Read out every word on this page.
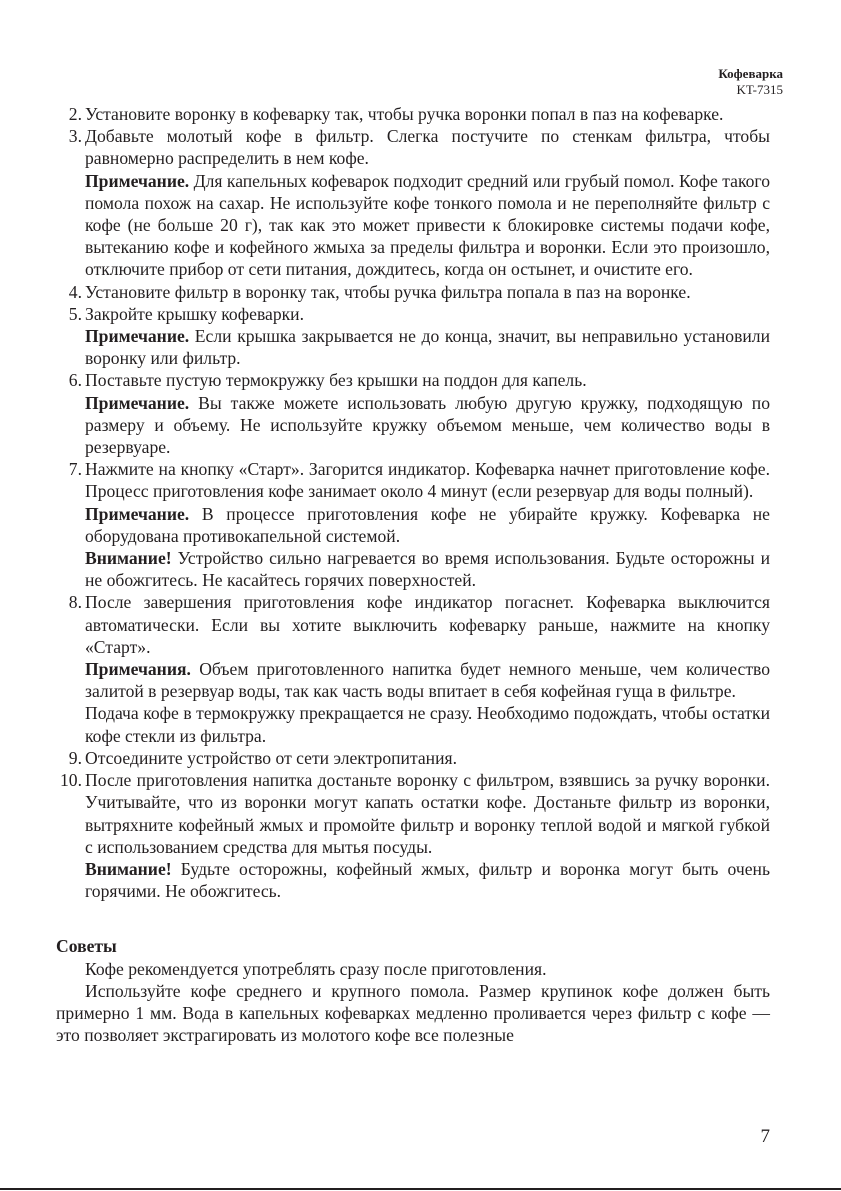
Кофеварка
KT-7315
2. Установите воронку в кофеварку так, чтобы ручка воронки попал в паз на кофеварке.

3. Добавьте молотый кофе в фильтр. Слегка постучите по стенкам фильтра, чтобы равномерно распределить в нем кофе.

Примечание. Для капельных кофеварок подходит средний или грубый помол. Кофе такого помола похож на сахар. Не используйте кофе тонкого помола и не переполняйте фильтр с кофе (не больше 20 г), так как это может привести к блокировке системы подачи кофе, вытеканию кофе и кофейного жмыха за пределы фильтра и воронки. Если это произошло, отключите прибор от сети питания, дождитесь, когда он остынет, и очистите его.

4. Установите фильтр в воронку так, чтобы ручка фильтра попала в паз на воронке.

5. Закройте крышку кофеварки.

Примечание. Если крышка закрывается не до конца, значит, вы неправильно установили воронку или фильтр.

6. Поставьте пустую термокружку без крышки на поддон для капель.

Примечание. Вы также можете использовать любую другую кружку, подходящую по размеру и объему. Не используйте кружку объемом меньше, чем количество воды в резервуаре.

7. Нажмите на кнопку «Старт». Загорится индикатор. Кофеварка начнет приготовление кофе. Процесс приготовления кофе занимает около 4 минут (если резервуар для воды полный).

Примечание. В процессе приготовления кофе не убирайте кружку. Кофеварка не оборудована противокапельной системой.

Внимание! Устройство сильно нагревается во время использования. Будьте осторожны и не обожгитесь. Не касайтесь горячих поверхностей.

8. После завершения приготовления кофе индикатор погаснет. Кофеварка выключится автоматически. Если вы хотите выключить кофеварку раньше, нажмите на кнопку «Старт».

Примечания. Объем приготовленного напитка будет немного меньше, чем количество залитой в резервуар воды, так как часть воды впитает в себя кофейная гуща в фильтре.

Подача кофе в термокружку прекращается не сразу. Необходимо подождать, чтобы остатки кофе стекли из фильтра.

9. Отсоедините устройство от сети электропитания.

10. После приготовления напитка достаньте воронку с фильтром, взявшись за ручку воронки. Учитывайте, что из воронки могут капать остатки кофе. Достаньте фильтр из воронки, вытряхните кофейный жмых и промойте фильтр и воронку теплой водой и мягкой губкой с использованием средства для мытья посуды.

Внимание! Будьте осторожны, кофейный жмых, фильтр и воронка могут быть очень горячими. Не обожгитесь.

Советы

Кофе рекомендуется употреблять сразу после приготовления.

Используйте кофе среднего и крупного помола. Размер крупинок кофе должен быть примерно 1 мм. Вода в капельных кофеварках медленно проливается через фильтр с кофе — это позволяет экстрагировать из молотого кофе все полезные

7
